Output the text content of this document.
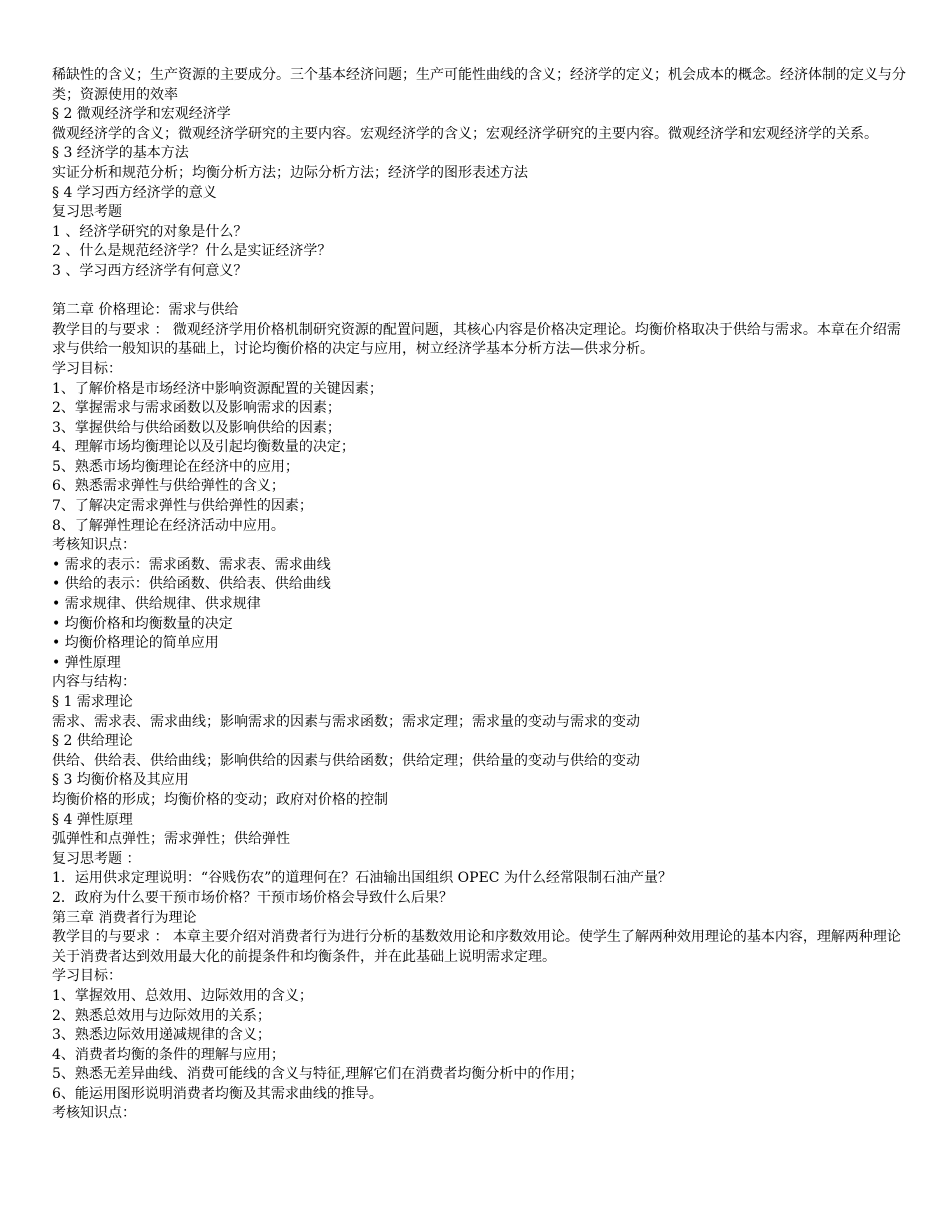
稀缺性的含义；生产资源的主要成分。三个基本经济问题；生产可能性曲线的含义；经济学的定义；机会成本的概念。经济体制的定义与分类；资源使用的效率
§ 2 微观经济学和宏观经济学
微观经济学的含义；微观经济学研究的主要内容。宏观经济学的含义；宏观经济学研究的主要内容。微观经济学和宏观经济学的关系。
§ 3 经济学的基本方法
实证分析和规范分析；均衡分析方法；边际分析方法；经济学的图形表述方法
§ 4 学习西方经济学的意义
复习思考题
1 、经济学研究的对象是什么？
2 、什么是规范经济学？什么是实证经济学？
3 、学习西方经济学有何意义？
第二章 价格理论：需求与供给
教学目的与要求 ： 微观经济学用价格机制研究资源的配置问题，其核心内容是价格决定理论。均衡价格取决于供给与需求。本章在介绍需求与供给一般知识的基础上，讨论均衡价格的决定与应用，树立经济学基本分析方法—供求分析。
学习目标：
1、了解价格是市场经济中影响资源配置的关键因素；
2、掌握需求与需求函数以及影响需求的因素；
3、掌握供给与供给函数以及影响供给的因素；
4、理解市场均衡理论以及引起均衡数量的决定；
5、熟悉市场均衡理论在经济中的应用；
6、熟悉需求弹性与供给弹性的含义；
7、了解决定需求弹性与供给弹性的因素；
8、了解弹性理论在经济活动中应用。
考核知识点：
• 需求的表示：需求函数、需求表、需求曲线
• 供给的表示：供给函数、供给表、供给曲线
• 需求规律、供给规律、供求规律
• 均衡价格和均衡数量的决定
• 均衡价格理论的简单应用
• 弹性原理
内容与结构：
§ 1 需求理论
需求、需求表、需求曲线；影响需求的因素与需求函数；需求定理；需求量的变动与需求的变动
§ 2 供给理论
供给、供给表、供给曲线；影响供给的因素与供给函数；供给定理；供给量的变动与供给的变动
§ 3 均衡价格及其应用
均衡价格的形成；均衡价格的变动；政府对价格的控制
§ 4 弹性原理
弧弹性和点弹性；需求弹性；供给弹性
复习思考题 ：
1．运用供求定理说明：“谷贱伤农”的道理何在？石油输出国组织 OPEC 为什么经常限制石油产量？
2．政府为什么要干预市场价格？干预市场价格会导致什么后果？
第三章 消费者行为理论
教学目的与要求 ： 本章主要介绍对消费者行为进行分析的基数效用论和序数效用论。使学生了解两种效用理论的基本内容，理解两种理论关于消费者达到效用最大化的前提条件和均衡条件，并在此基础上说明需求定理。
学习目标：
1、掌握效用、总效用、边际效用的含义；
2、熟悉总效用与边际效用的关系；
3、熟悉边际效用递减规律的含义；
4、消费者均衡的条件的理解与应用；
5、熟悉无差异曲线、消费可能线的含义与特征,理解它们在消费者均衡分析中的作用；
6、能运用图形说明消费者均衡及其需求曲线的推导。
考核知识点：
